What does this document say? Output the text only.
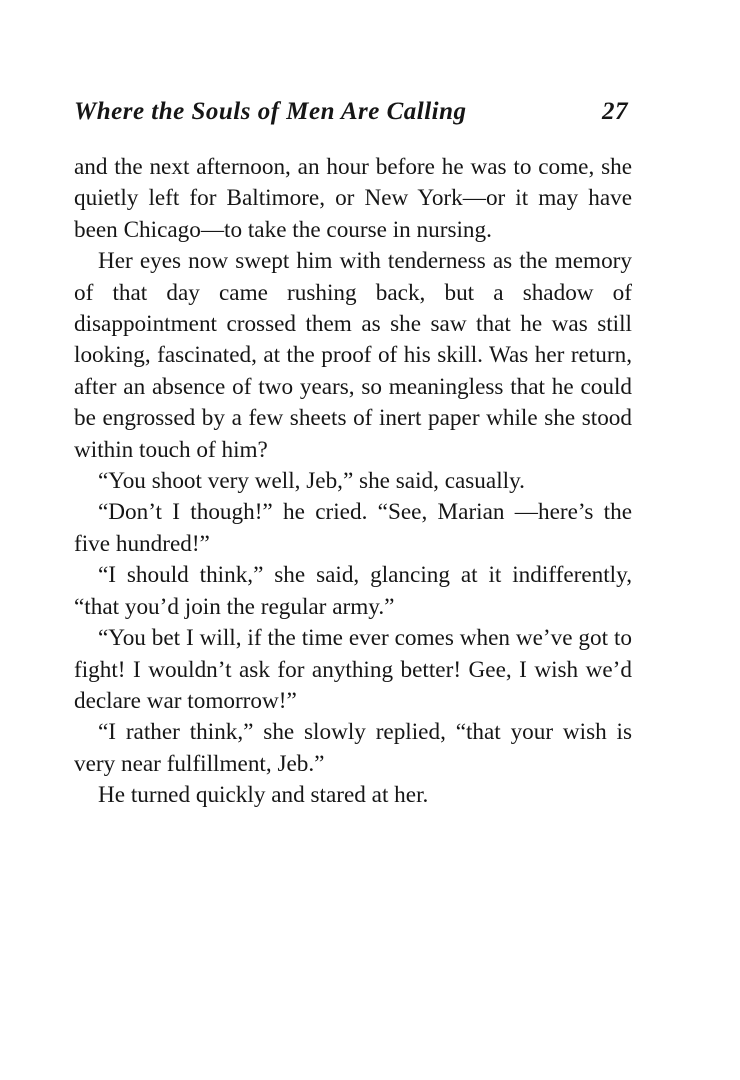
Where the Souls of Men Are Calling	27

and the next afternoon, an hour before he was to come, she quietly left for Baltimore, or New York—or it may have been Chicago—to take the course in nursing.

Her eyes now swept him with tenderness as the memory of that day came rushing back, but a shadow of disappointment crossed them as she saw that he was still looking, fascinated, at the proof of his skill. Was her return, after an absence of two years, so meaningless that he could be engrossed by a few sheets of inert paper while she stood within touch of him?

“You shoot very well, Jeb,” she said, casually.

“Don’t I though!” he cried. “See, Marian —here’s the five hundred!”

“I should think,” she said, glancing at it indifferently, “that you’d join the regular army.”

“You bet I will, if the time ever comes when we’ve got to fight! I wouldn’t ask for anything better! Gee, I wish we’d declare war tomorrow!”

“I rather think,” she slowly replied, “that your wish is very near fulfillment, Jeb.”

He turned quickly and stared at her.
